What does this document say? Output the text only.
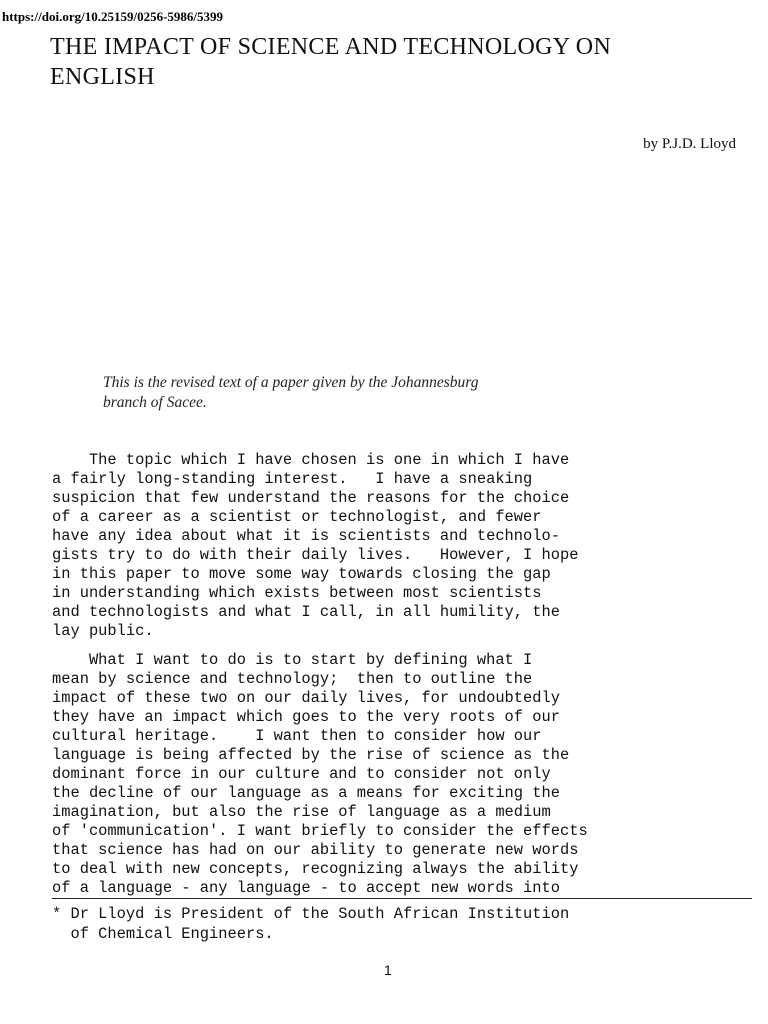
https://doi.org/10.25159/0256-5986/5399
THE IMPACT OF SCIENCE AND TECHNOLOGY ON
ENGLISH
by P.J.D. Lloyd
This is the revised text of a paper given by the Johannesburg
branch of Sacee.

The topic which I have chosen is one in which I have
a fairly long-standing interest.   I have a sneaking
suspicion that few understand the reasons for the choice
of a career as a scientist or technologist, and fewer
have any idea about what it is scientists and technolo-
gists try to do with their daily lives.   However, I hope
in this paper to move some way towards closing the gap
in understanding which exists between most scientists
and technologists and what I call, in all humility, the
lay public.

What I want to do is to start by defining what I
mean by science and technology;  then to outline the
impact of these two on our daily lives, for undoubtedly
they have an impact which goes to the very roots of our
cultural heritage.    I want then to consider how our
language is being affected by the rise of science as the
dominant force in our culture and to consider not only
the decline of our language as a means for exciting the
imagination, but also the rise of language as a medium
of 'communication'. I want briefly to consider the effects
that science has had on our ability to generate new words
to deal with new concepts, recognizing always the ability
of a language - any language - to accept new words into

* Dr Lloyd is President of the South African Institution
of Chemical Engineers.
1
